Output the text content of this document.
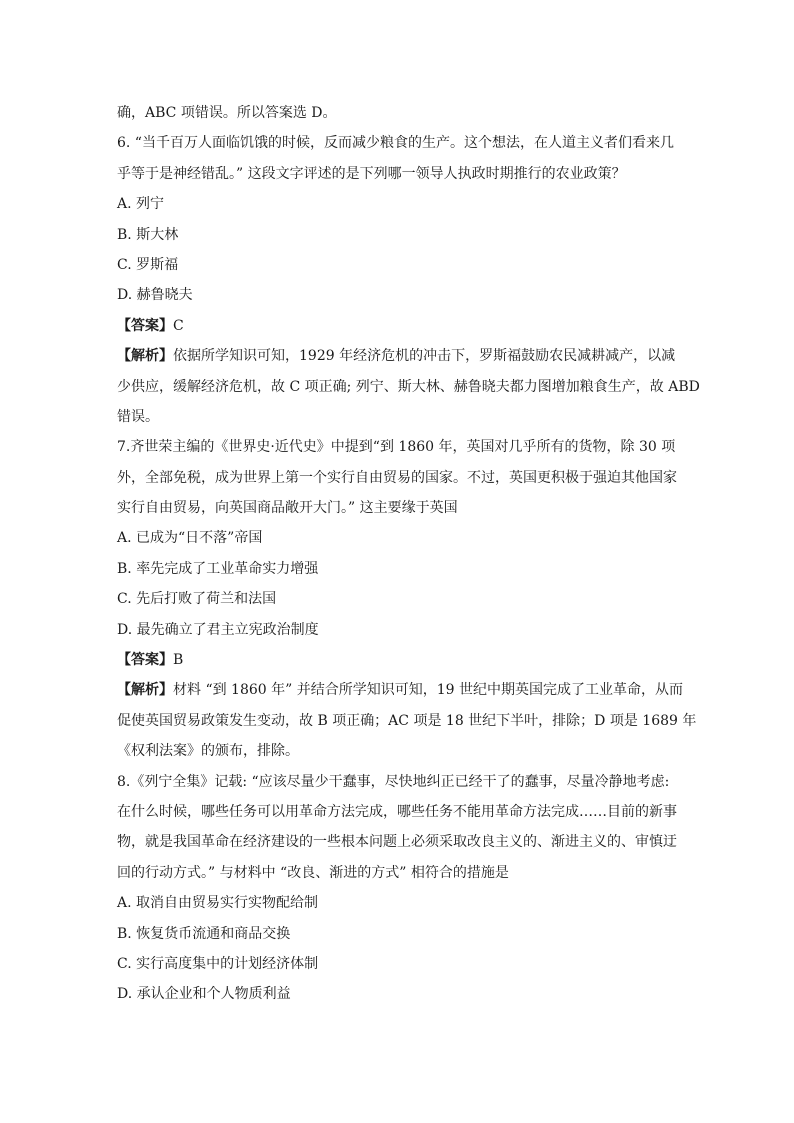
确，ABC 项错误。所以答案选 D。
6. “当千百万人面临饥饿的时候，反而减少粮食的生产。这个想法，在人道主义者们看来几
乎等于是神经错乱。” 这段文字评述的是下列哪一领导人执政时期推行的农业政策？
A. 列宁
B. 斯大林
C. 罗斯福
D. 赫鲁晓夫
【答案】C
【解析】依据所学知识可知，1929 年经济危机的冲击下，罗斯福鼓励农民减耕减产，以减
少供应，缓解经济危机，故 C 项正确; 列宁、斯大林、赫鲁晓夫都力图增加粮食生产，故 ABD
错误。
7.齐世荣主编的《世界史·近代史》中提到“到 1860 年，英国对几乎所有的货物，除 30 项
外，全部免税，成为世界上第一个实行自由贸易的国家。不过，英国更积极于强迫其他国家
实行自由贸易，向英国商品敞开大门。” 这主要缘于英国
A. 已成为“日不落”帝国
B. 率先完成了工业革命实力增强
C. 先后打败了荷兰和法国
D. 最先确立了君主立宪政治制度
【答案】B
【解析】材料 “到 1860 年” 并结合所学知识可知，19 世纪中期英国完成了工业革命，从而
促使英国贸易政策发生变动，故 B 项正确；AC 项是 18 世纪下半叶，排除；D 项是 1689 年
《权利法案》的颁布，排除。
8.《列宁全集》记载: “应该尽量少干蠢事，尽快地纠正已经干了的蠢事，尽量冷静地考虑:
在什么时候，哪些任务可以用革命方法完成，哪些任务不能用革命方法完成……目前的新事
物，就是我国革命在经济建设的一些根本问题上必须采取改良主义的、渐进主义的、审慎迂
回的行动方式。” 与材料中 “改良、渐进的方式” 相符合的措施是
A. 取消自由贸易实行实物配给制
B. 恢复货币流通和商品交换
C. 实行高度集中的计划经济体制
D. 承认企业和个人物质利益
